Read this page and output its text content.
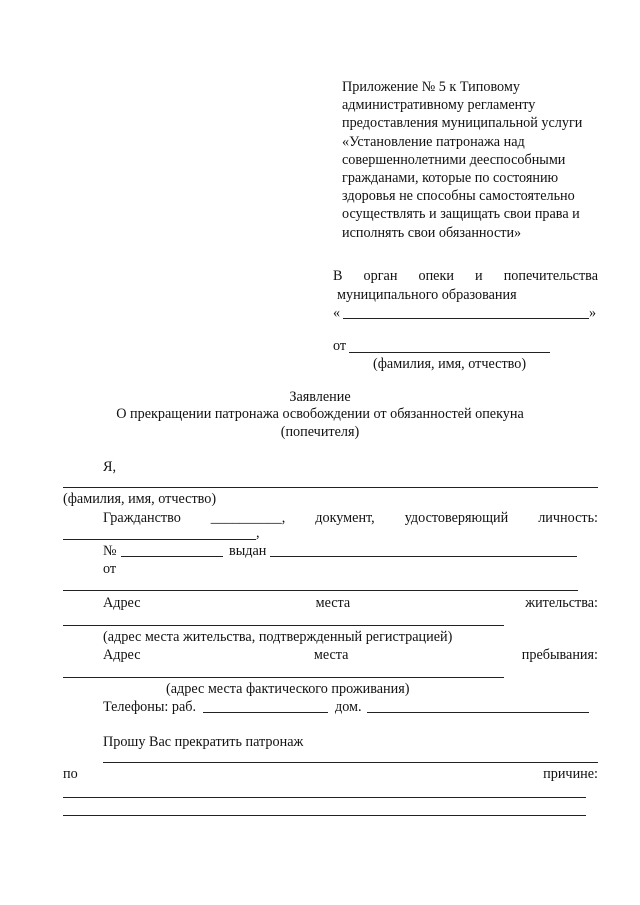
Приложение № 5 к Типовому
административному регламенту
предоставления муниципальной услуги
«Установление патронажа над
совершеннолетними дееспособными
гражданами, которые по состоянию
здоровья не способны самостоятельно
осуществлять и защищать свои права и
исполнять свои обязанности»
В орган опеки и попечительства
муниципального образования
«	»
от
(фамилия, имя, отчество)
Заявление
О прекращении патронажа освобождении от обязанностей опекуна
(попечителя)
Я,
(фамилия, имя, отчество)
Гражданство __________, документ, удостоверяющий личность:
,
№	выдан
от
Адрес	места	жительства:
(адрес места жительства, подтвержденный регистрацией)
Адрес	места	пребывания:
(адрес места фактического проживания)
Телефоны: раб.	дом.
Прошу Вас прекратить патронаж
по	причине:
